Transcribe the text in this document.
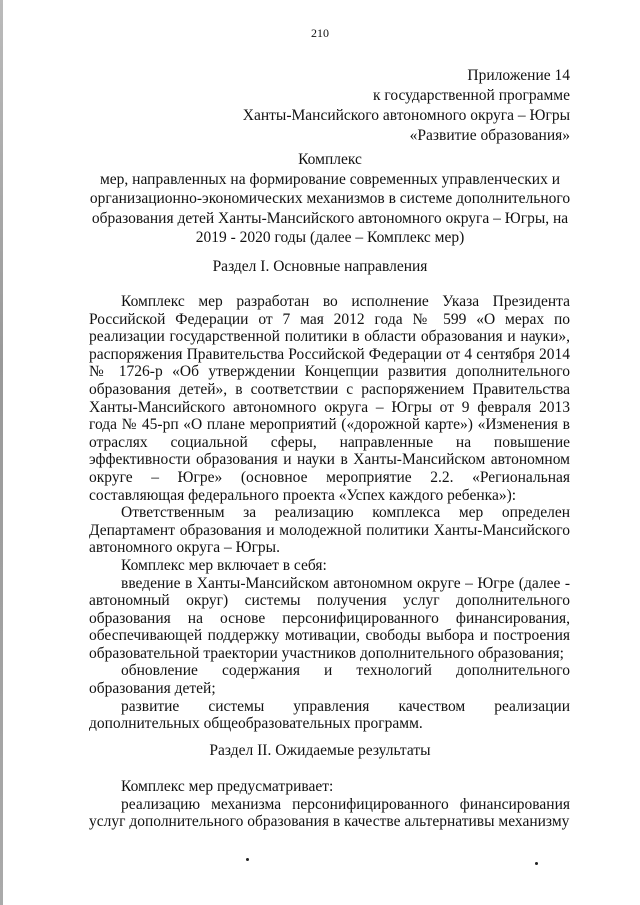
210
Приложение 14
к государственной программе
Ханты-Мансийского автономного округа – Югры
«Развитие образования»
Комплекс
мер, направленных на формирование современных управленческих и организационно-экономических механизмов в системе дополнительного образования детей Ханты-Мансийского автономного округа – Югры, на 2019 - 2020 годы (далее – Комплекс мер)
Раздел I. Основные направления

Комплекс мер разработан во исполнение Указа Президента Российской Федерации от 7 мая 2012 года № 599 «О мерах по реализации государственной политики в области образования и науки», распоряжения Правительства Российской Федерации от 4 сентября 2014 № 1726-р «Об утверждении Концепции развития дополнительного образования детей», в соответствии с распоряжением Правительства Ханты-Мансийского автономного округа – Югры от 9 февраля 2013 года № 45-рп «О плане мероприятий («дорожной карте») «Изменения в отраслях социальной сферы, направленные на повышение эффективности образования и науки в Ханты-Мансийском автономном округе – Югре» (основное мероприятие 2.2. «Региональная составляющая федерального проекта «Успех каждого ребенка»):

Ответственным за реализацию комплекса мер определен Департамент образования и молодежной политики Ханты-Мансийского автономного округа – Югры.

Комплекс мер включает в себя:

введение в Ханты-Мансийском автономном округе – Югре (далее - автономный округ) системы получения услуг дополнительного образования на основе персонифицированного финансирования, обеспечивающей поддержку мотивации, свободы выбора и построения образовательной траектории участников дополнительного образования;

обновление содержания и технологий дополнительного образования детей;

развитие системы управления качеством реализации дополнительных общеобразовательных программ.

Раздел II. Ожидаемые результаты

Комплекс мер предусматривает:

реализацию механизма персонифицированного финансирования услуг дополнительного образования в качестве альтернативы механизму
